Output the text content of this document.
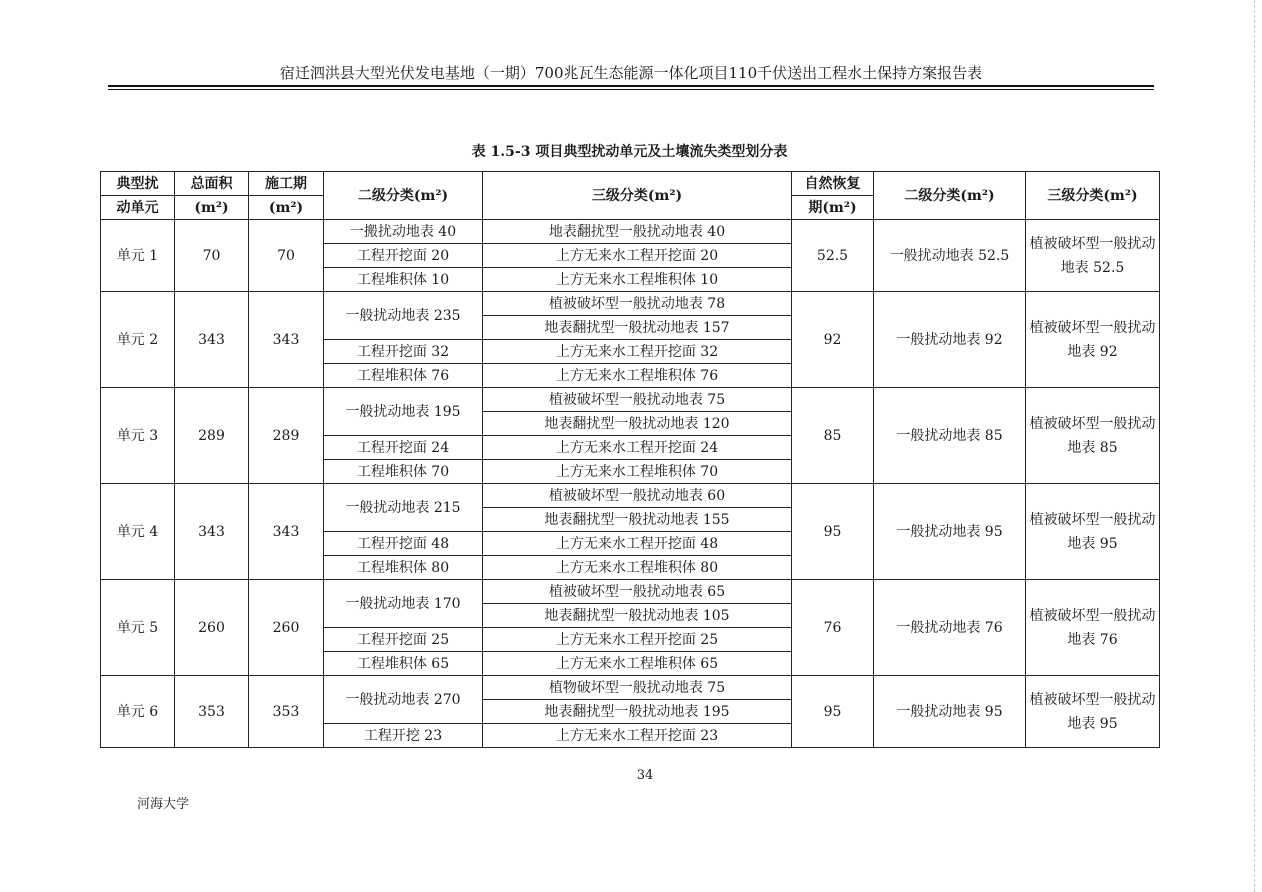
宿迁泗洪县大型光伏发电基地（一期）700兆瓦生态能源一体化项目110千伏送出工程水土保持方案报告表
表 1.5-3 项目典型扰动单元及土壤流失类型划分表
典型扰	总面积	施工期	二级分类(m²)	三级分类(m²)	自然恢复	二级分类(m²)	三级分类(m²)
动单元	(m²)	(m²)			期(m²)		
单元 1	70	70	一搬扰动地表 40	地表翻扰型一般扰动地表 40	52.5	一般扰动地表 52.5	植被破坏型一般扰动地表 52.5
			工程开挖面 20	上方无来水工程开挖面 20			
			工程堆积体 10	上方无来水工程堆积体 10			
单元 2	343	343	一般扰动地表 235	植被破坏型一般扰动地表 78	92	一般扰动地表 92	植被破坏型一般扰动地表 92
				地表翻扰型一般扰动地表 157			
			工程开挖面 32	上方无来水工程开挖面 32			
			工程堆积体 76	上方无来水工程堆积体 76			
单元 3	289	289	一般扰动地表 195	植被破坏型一般扰动地表 75	85	一般扰动地表 85	植被破坏型一般扰动地表 85
				地表翻扰型一般扰动地表 120			
			工程开挖面 24	上方无来水工程开挖面 24			
			工程堆积体 70	上方无来水工程堆积体 70			
单元 4	343	343	一般扰动地表 215	植被破坏型一般扰动地表 60	95	一般扰动地表 95	植被破坏型一般扰动地表 95
				地表翻扰型一般扰动地表 155			
			工程开挖面 48	上方无来水工程开挖面 48			
			工程堆积体 80	上方无来水工程堆积体 80			
单元 5	260	260	一般扰动地表 170	植被破坏型一般扰动地表 65	76	一般扰动地表 76	植被破坏型一般扰动地表 76
				地表翻扰型一般扰动地表 105			
			工程开挖面 25	上方无来水工程开挖面 25			
			工程堆积体 65	上方无来水工程堆积体 65			
单元 6	353	353	一般扰动地表 270	植物破坏型一般扰动地表 75	95	一般扰动地表 95	植被破坏型一般扰动地表 95
				地表翻扰型一般扰动地表 195			
			工程开挖 23	上方无来水工程开挖面 23			
34
河海大学
